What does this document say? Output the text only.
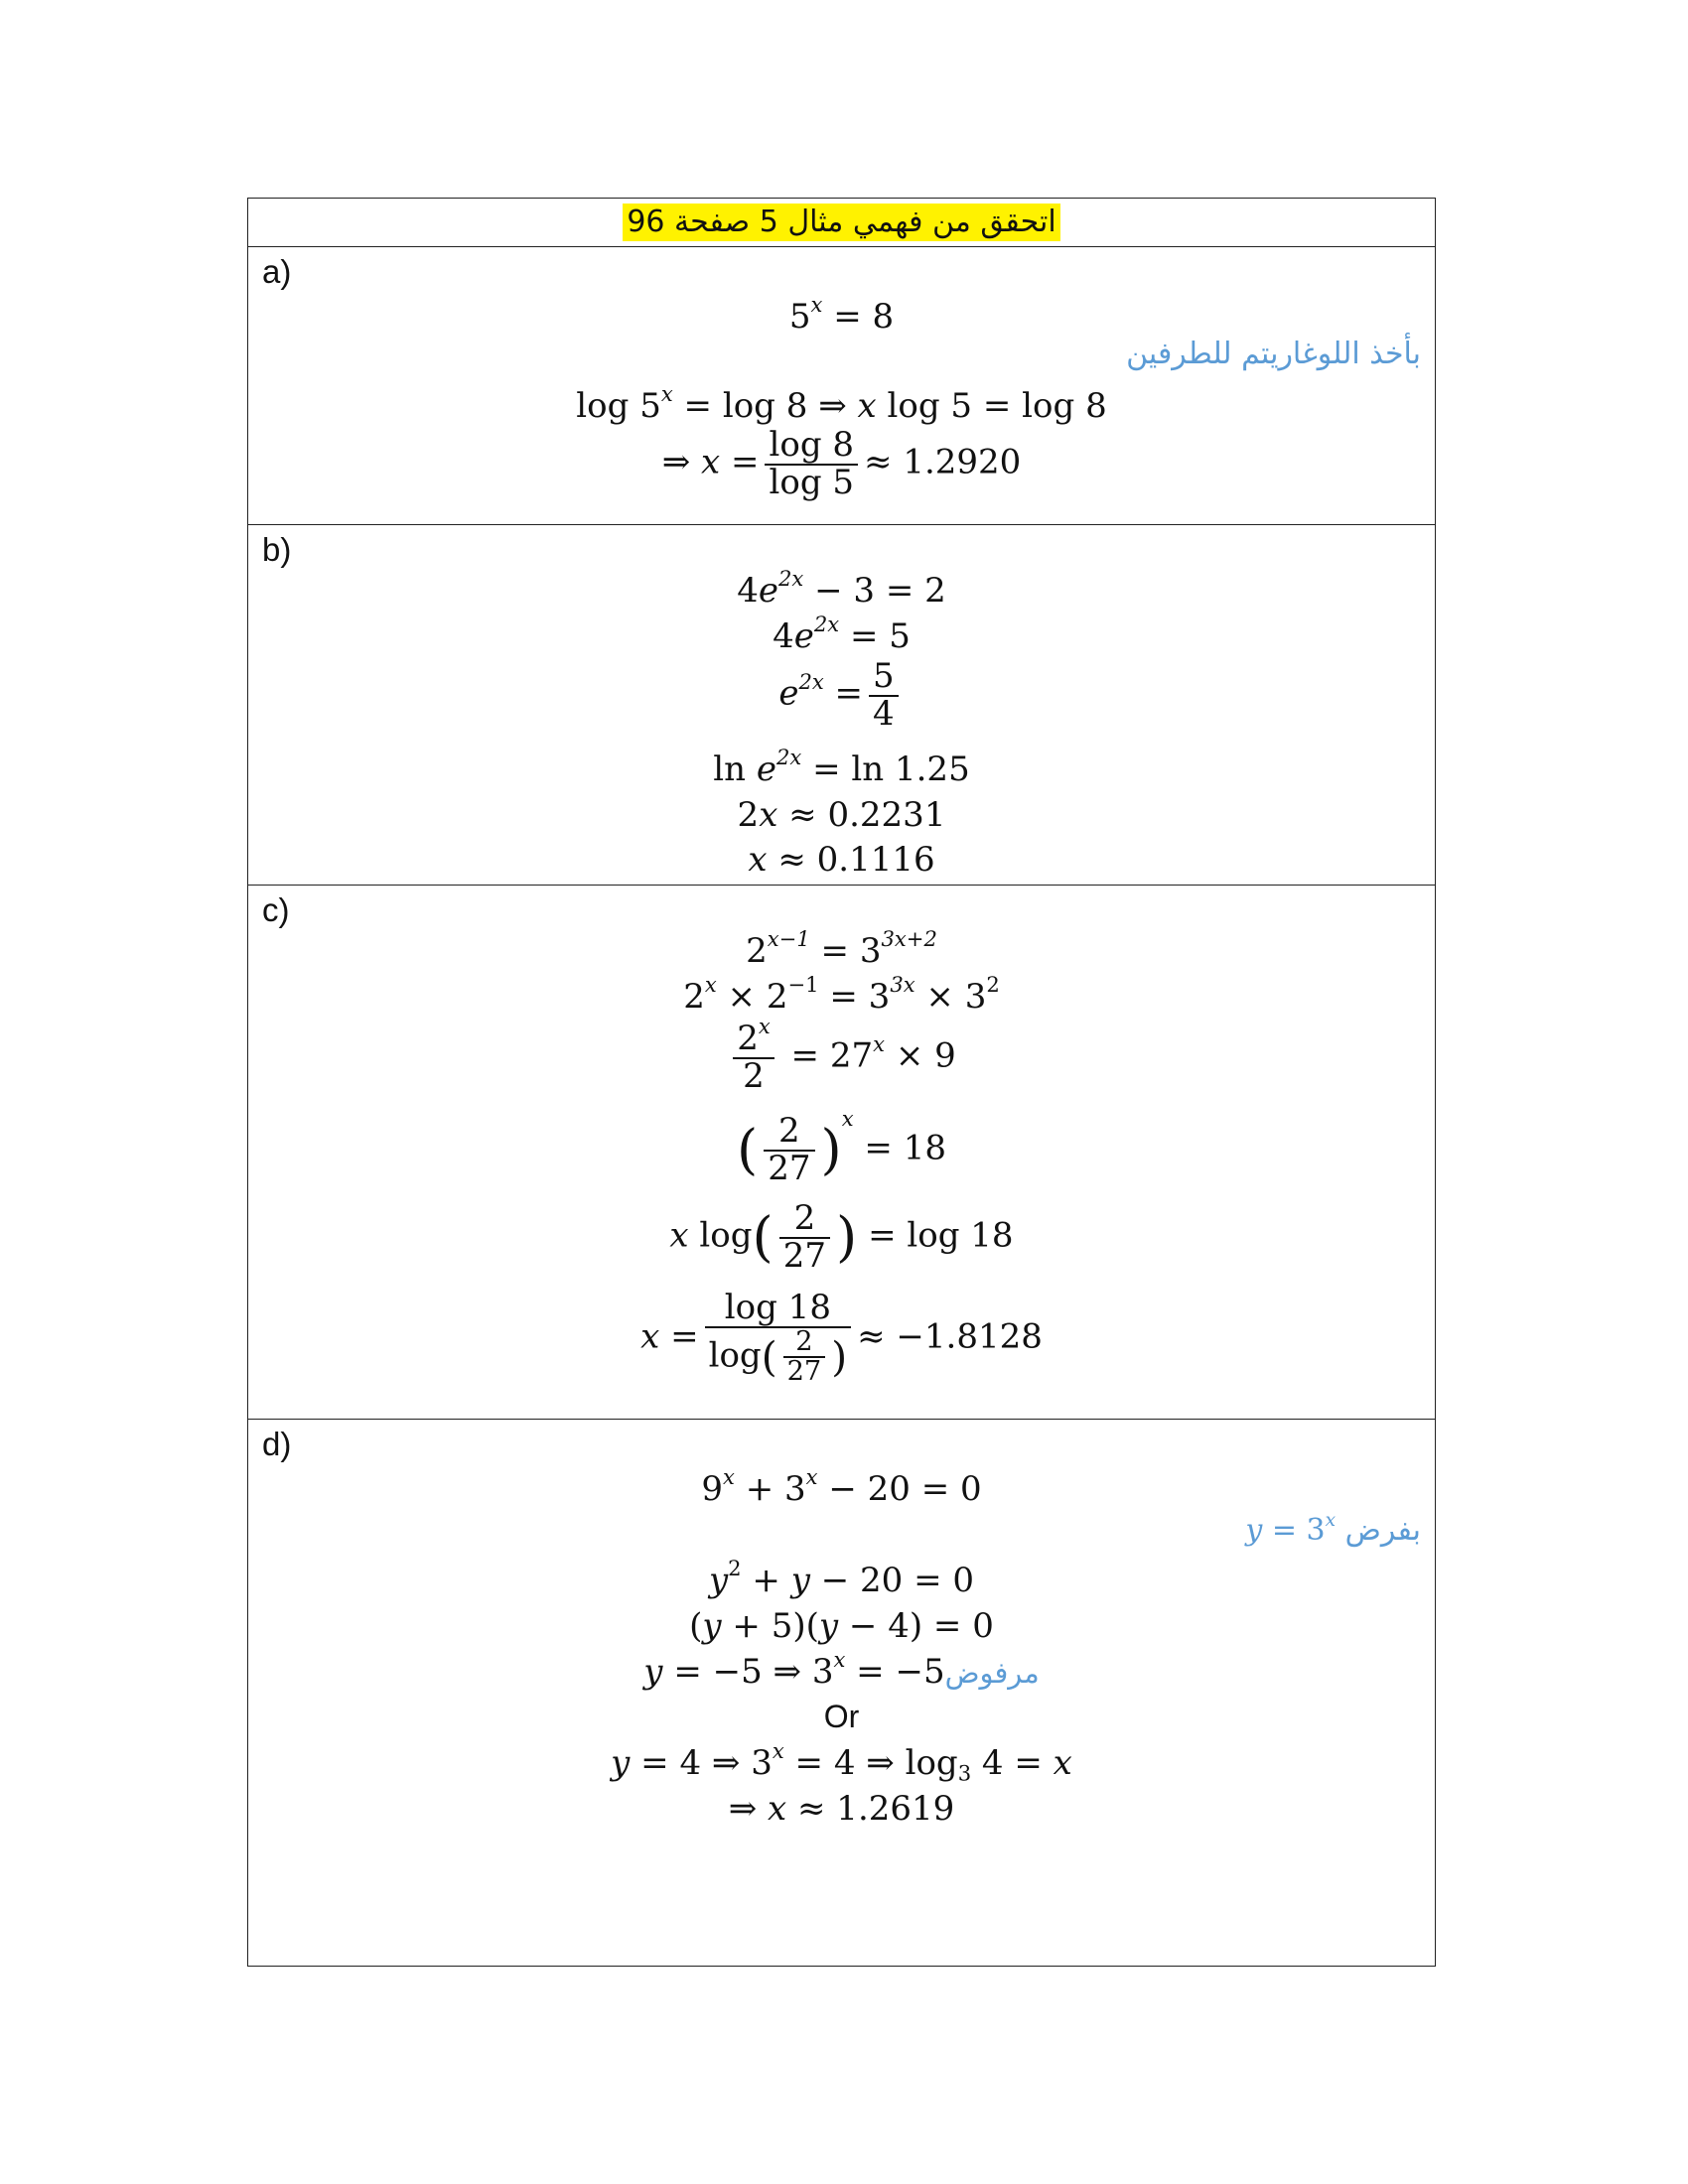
اتحقق من فهمي مثال 5 صفحة 96
a)
بأخذ اللوغاريتم للطرفين
$5^x = 8$
$\log 5^x = \log 8$ ⇒ x log 5 = log 8
⇒ $x = \frac{\log 8}{\log 5} \approx 1.2920$
b)
$4e^{2x} - 3 = 2$
$4e^{2x} = 5$
$e^{2x} = \frac{5}{4}$
$\ln e^{2x} = \ln 1.25$
2x ≈ 0.2231
x ≈ 0.1116
c)
$2^{x-1} = 3^{3x+2}$
$2^x \times 2^{-1} = 3^{3x} \times 3^2$
$\frac{2^x}{2} = 27^x \times 9$
( $\frac{2}{27} )^x = 18$
x $\log( \frac{2}{27}$ ) = log 18
$x = \frac{\log 18}{\log( \frac{2}{27} )} \approx -1.8128$
d)
$y = 3^x$ بفرض
$9^x + 3^x - 20 = 0$
$y^2 + y - 20 = 0$
(y + 5)(y − 4) = 0
y = −5 ⇒ $3^x$ = −5مرفوض
Or
y = 4 ⇒ $3^x = 4$ ⇒ $\log_3 4 = x$
⇒ x ≈ 1.2619
